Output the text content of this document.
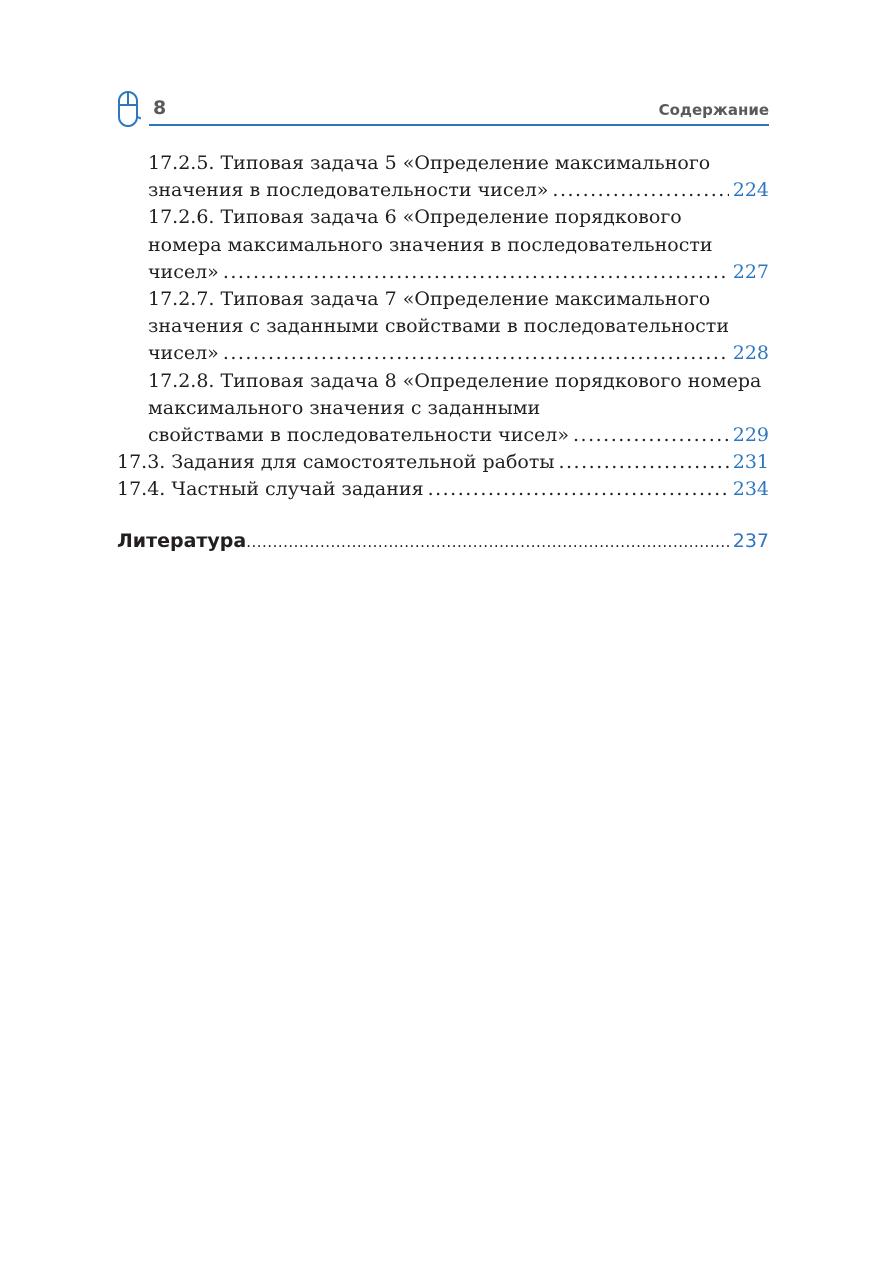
8	Содержание
17.2.5. Типовая задача 5 «Определение максимального
значения в последовательности чисел» .....	224
17.2.6. Типовая задача 6 «Определение порядкового
номера максимального значения в последовательности
чисел» .....	227
17.2.7. Типовая задача 7 «Определение максимального
значения с заданными свойствами в последовательности
чисел» .....	228
17.2.8. Типовая задача 8 «Определение порядкового номера
максимального значения с заданными
свойствами в последовательности чисел» .....	229
17.3. Задания для самостоятельной работы .....	231
17.4. Частный случай задания .....	234
Литература .....	237
